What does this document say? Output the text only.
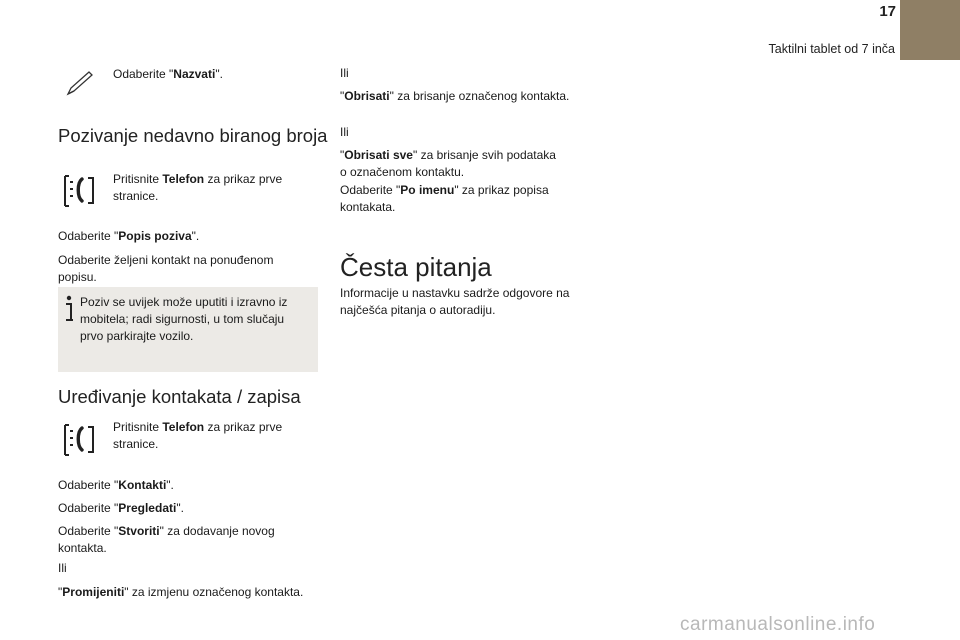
17
Taktilni tablet od 7 inča
Odaberite "Nazvati".
Pozivanje nedavno biranog broja
Pritisnite Telefon za prikaz prve
stranice.
Odaberite "Popis poziva".
Odaberite željeni kontakt na ponuđenom
popisu.
Poziv se uvijek može uputiti i izravno iz
mobitela; radi sigurnosti, u tom slučaju
prvo parkirajte vozilo.
Uređivanje kontakata / zapisa
Pritisnite Telefon za prikaz prve
stranice.
Odaberite "Kontakti".
Odaberite "Pregledati".
Odaberite "Stvoriti" za dodavanje novog
kontakta.
Ili
"Promijeniti" za izmjenu označenog kontakta.
Ili
"Obrisati" za brisanje označenog kontakta.
Ili
"Obrisati sve" za brisanje svih podataka
o označenom kontaktu.
Odaberite "Po imenu" za prikaz popisa
kontakata.
Česta pitanja
Informacije u nastavku sadrže odgovore na
najčešća pitanja o autoradiju.
carmanualsonline.info
